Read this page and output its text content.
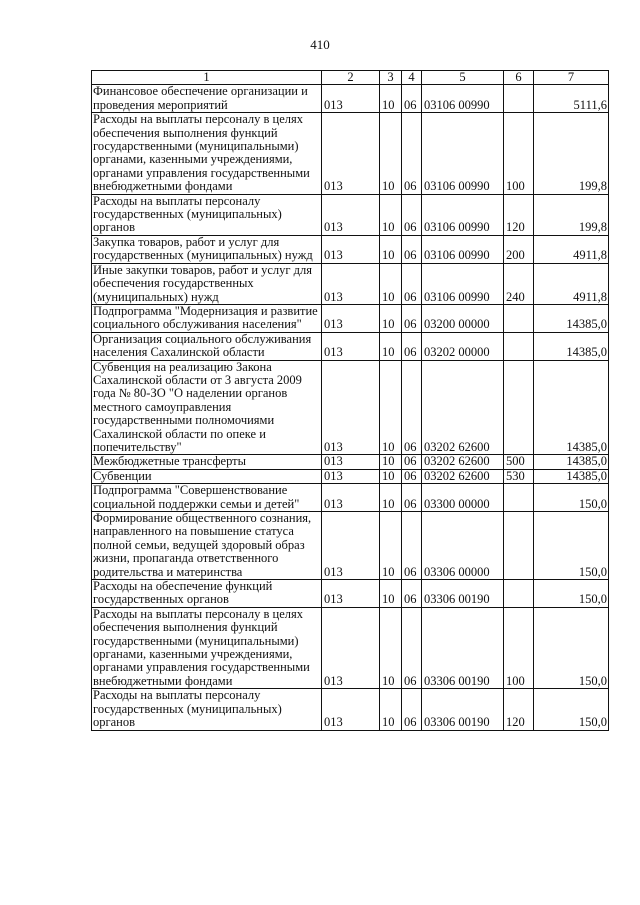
410
1	2	3	4	5	6	7
Финансовое обеспечение организации и проведения мероприятий	013	10	06	03106 00990		5111,6
Расходы на выплаты персоналу в целях обеспечения выполнения функций государственными (муниципальными) органами, казенными учреждениями, органами управления государственными внебюджетными фондами	013	10	06	03106 00990	100	199,8
Расходы на выплаты персоналу государственных (муниципальных) органов	013	10	06	03106 00990	120	199,8
Закупка товаров, работ и услуг для государственных (муниципальных) нужд	013	10	06	03106 00990	200	4911,8
Иные закупки товаров, работ и услуг для обеспечения государственных (муниципальных) нужд	013	10	06	03106 00990	240	4911,8
Подпрограмма "Модернизация и развитие социального обслуживания населения"	013	10	06	03200 00000		14385,0
Организация социального обслуживания населения Сахалинской области	013	10	06	03202 00000		14385,0
Субвенция на реализацию Закона Сахалинской области от 3 августа 2009 года № 80-ЗО "О наделении органов местного самоуправления государственными полномочиями Сахалинской области по опеке и попечительству"	013	10	06	03202 62600		14385,0
Межбюджетные трансферты	013	10	06	03202 62600	500	14385,0
Субвенции	013	10	06	03202 62600	530	14385,0
Подпрограмма "Совершенствование социальной поддержки семьи и детей"	013	10	06	03300 00000		150,0
Формирование общественного сознания, направленного на повышение статуса полной семьи, ведущей здоровый образ жизни, пропаганда ответственного родительства и материнства	013	10	06	03306 00000		150,0
Расходы на обеспечение функций государственных органов	013	10	06	03306 00190		150,0
Расходы на выплаты персоналу в целях обеспечения выполнения функций государственными (муниципальными) органами, казенными учреждениями, органами управления государственными внебюджетными фондами	013	10	06	03306 00190	100	150,0
Расходы на выплаты персоналу государственных (муниципальных) органов	013	10	06	03306 00190	120	150,0
